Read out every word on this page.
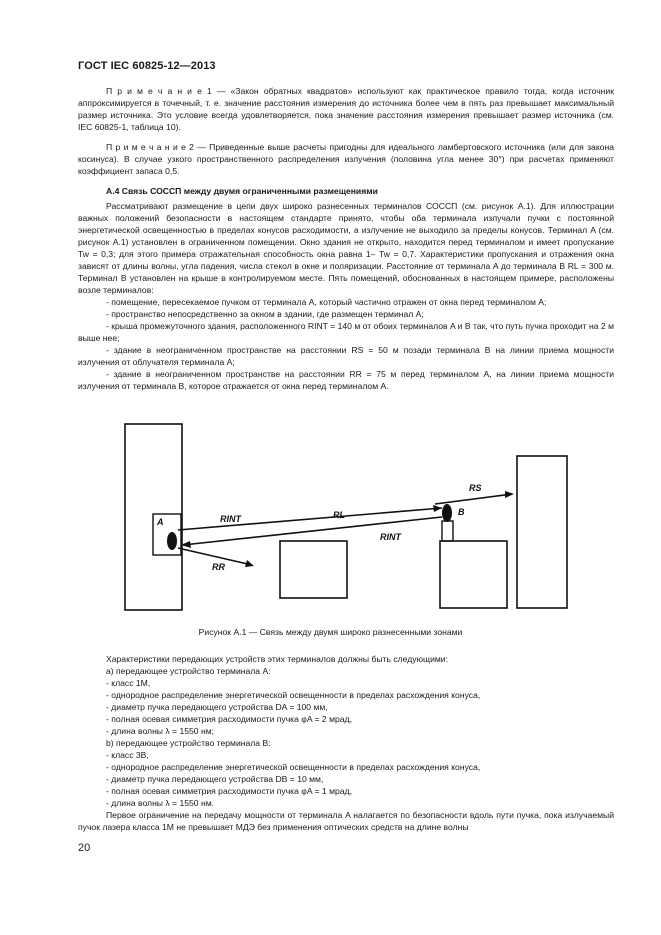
ГОСТ IEC 60825-12—2013

П р и м е ч а н и е 1 — «Закон обратных квадратов» используют как практическое правило тогда, когда источник аппроксимируется в точечный, т. е. значение расстояния измерения до источника более чем в пять раз превышает максимальный размер источника. Это условие всегда удовлетворяется, пока значение расстояния измерения превышает размер источника (см. IEC 60825-1, таблица 10).

П р и м е ч а н и е 2 — Приведенные выше расчеты пригодны для идеального ламбертовского источника (или для закона косинуса). В случае узкого пространственного распределения излучения (половина угла менее 30°) при расчетах применяют коэффициент запаса 0,5.

А.4 Связь СОССП между двумя ограниченными размещениями

Рассматривают размещение в цепи двух широко разнесенных терминалов СОССП (см. рисунок А.1). Для иллюстрации важных положений безопасности в настоящем стандарте принято, чтобы оба терминала излучали пучки с постоянной энергетической освещенностью в пределах конусов расходимости, а излучение не выходило за пределы конусов. Терминал A (см. рисунок А.1) установлен в ограниченном помещении. Окно здания не открыто, находится перед терминалом и имеет пропускание Tw = 0,3; для этого примера отражательная способность окна равна 1– Tw = 0,7. Характеристики пропускания и отражения окна зависят от длины волны, угла падения, числа стекол в окне и поляризации. Расстояние от терминала A до терминала B RL = 300 м. Терминал B установлен на крыше в контролируемом месте. Пять помещений, обоснованных в настоящем примере, расположены возле терминалов:

- помещение, пересекаемое пучком от терминала A, который частично отражен от окна перед терминалом A;

- пространство непосредственно за окном в здании, где размещен терминал A;

- крыша промежуточного здания, расположенного RINT = 140 м от обоих терминалов A и B так, что путь пучка проходит на 2 м выше нее;

- здание в неограниченном пространстве на расстоянии RS = 50 м позади терминала B на линии приема мощности излучения от облучателя терминала A;

- здание в неограниченном пространстве на расстоянии RR = 75 м перед терминалом A, на линии приема мощности излучения от терминала B, которое отражается от окна перед терминалом A.

A
B
RINT	RL
RINT
RR
RS
Рисунок А.1 — Связь между двумя широко разнесенными зонами

Характеристики передающих устройств этих терминалов должны быть следующими:

а) передающее устройство терминала A:

- класс 1М,

- однородное распределение энергетической освещенности в пределах расхождения конуса,

- диаметр пучка передающего устройства DA = 100 мм,

- полная осевая симметрия расходимости пучка φA = 2 мрад,

- длина волны λ = 1550 нм;

b) передающее устройство терминала B:

- класс 3В,

- однородное распределение энергетической освещенности в пределах расхождения конуса,

- диаметр пучка передающего устройства DB = 10 мм,

- полная осевая симметрия расходимости пучка φA = 1 мрад,

- длина волны λ = 1550 нм.

Первое ограничение на передачу мощности от терминала A налагается по безопасности вдоль пути пучка, пока излучаемый пучок лазера класса 1М не превышает МДЭ без применения оптических средств на длине волны

20
